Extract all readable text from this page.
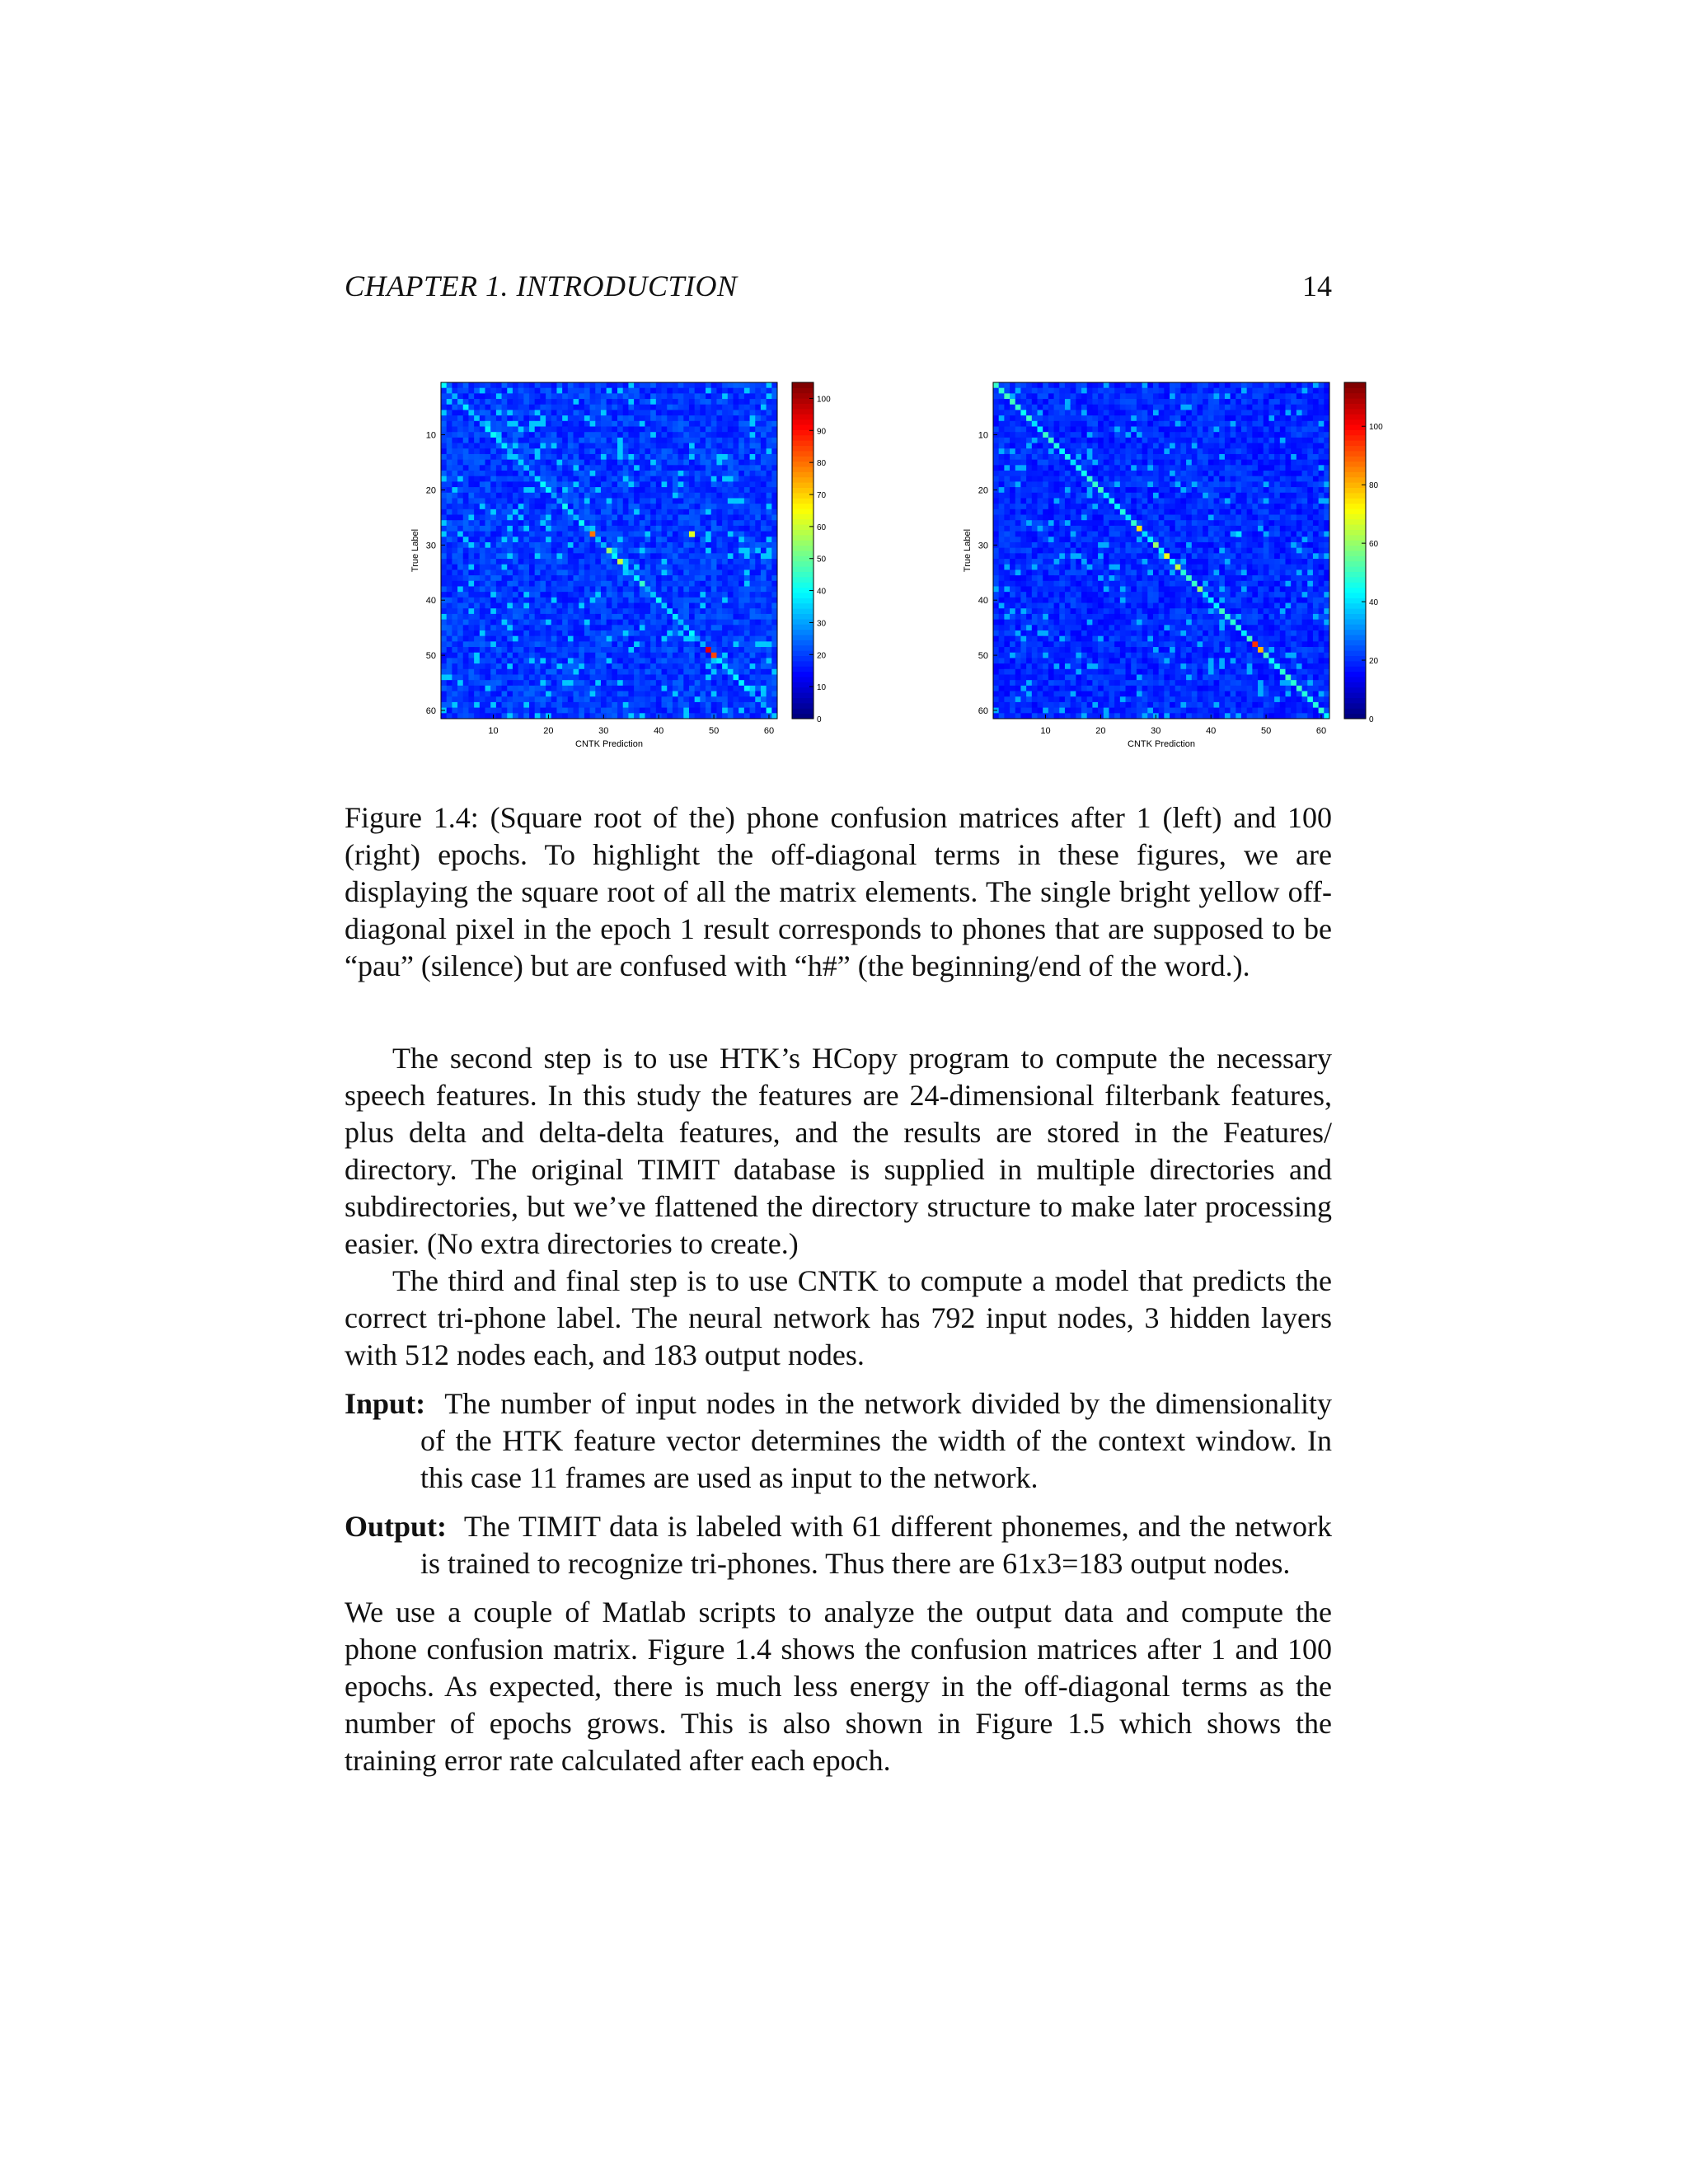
CHAPTER 1. INTRODUCTION	14
10	20	30	40	50	60
10
20
30
40
50
60
CNTK Prediction
True Label
0
10
20
30
40
50
60
70
80
90
100
10	20	30	40	50	60
10
20
30
40
50
60
CNTK Prediction
True Label
0
20
40
60
80
100
Figure 1.4: (Square root of the) phone confusion matrices after 1 (left) and 100 (right) epochs. To highlight the off-diagonal terms in these figures, we are displaying the square root of all the matrix elements. The single bright yellow off-diagonal pixel in the epoch 1 result corresponds to phones that are supposed to be “pau” (silence) but are confused with “h#” (the beginning/end of the word.).

The second step is to use HTK’s HCopy program to compute the necessary speech features. In this study the features are 24-dimensional filterbank features, plus delta and delta-delta features, and the results are stored in the Features/ directory. The original TIMIT database is supplied in multiple directories and subdirectories, but we’ve flattened the directory structure to make later processing easier. (No extra directories to create.)

The third and final step is to use CNTK to compute a model that predicts the correct tri-phone label. The neural network has 792 input nodes, 3 hidden layers with 512 nodes each, and 183 output nodes.

Input: The number of input nodes in the network divided by the dimensionality of the HTK feature vector determines the width of the context window. In this case 11 frames are used as input to the network.

Output: The TIMIT data is labeled with 61 different phonemes, and the network is trained to recognize tri-phones. Thus there are 61x3=183 output nodes.

We use a couple of Matlab scripts to analyze the output data and compute the phone confusion matrix. Figure 1.4 shows the confusion matrices after 1 and 100 epochs. As expected, there is much less energy in the off-diagonal terms as the number of epochs grows. This is also shown in Figure 1.5 which shows the training error rate calculated after each epoch.
